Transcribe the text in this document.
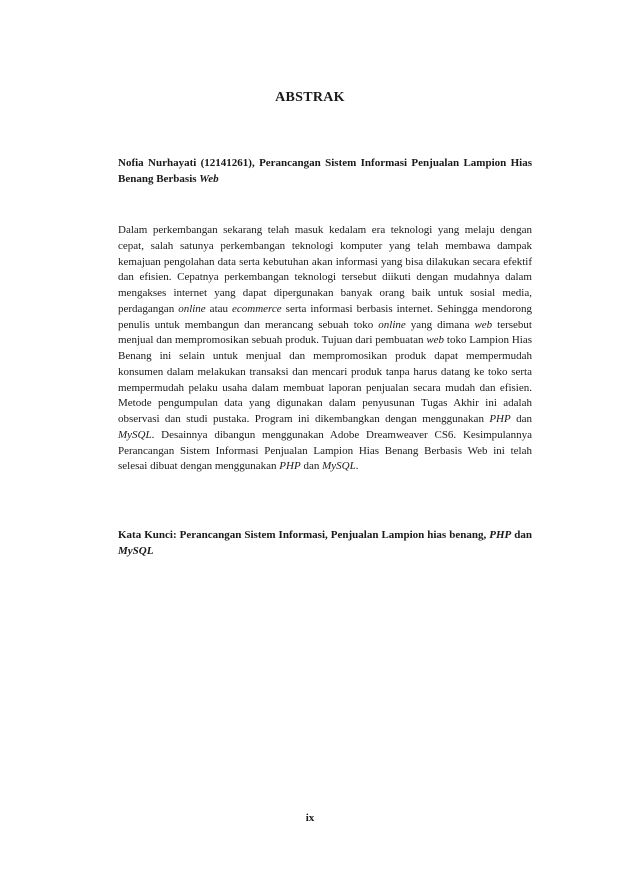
ABSTRAK
Nofia Nurhayati (12141261), Perancangan Sistem Informasi Penjualan Lampion Hias Benang Berbasis Web
Dalam perkembangan sekarang telah masuk kedalam era teknologi yang melaju dengan cepat, salah satunya perkembangan teknologi komputer yang telah membawa dampak kemajuan pengolahan data serta kebutuhan akan informasi yang bisa dilakukan secara efektif dan efisien. Cepatnya perkembangan teknologi tersebut diikuti dengan mudahnya dalam mengakses internet yang dapat dipergunakan banyak orang baik untuk sosial media, perdagangan online atau ecommerce serta informasi berbasis internet. Sehingga mendorong penulis untuk membangun dan merancang sebuah toko online yang dimana web tersebut menjual dan mempromosikan sebuah produk. Tujuan dari pembuatan web toko Lampion Hias Benang ini selain untuk menjual dan mempromosikan produk dapat mempermudah konsumen dalam melakukan transaksi dan mencari produk tanpa harus datang ke toko serta mempermudah pelaku usaha dalam membuat laporan penjualan secara mudah dan efisien. Metode pengumpulan data yang digunakan dalam penyusunan Tugas Akhir ini adalah observasi dan studi pustaka. Program ini dikembangkan dengan menggunakan PHP dan MySQL. Desainnya dibangun menggunakan Adobe Dreamweaver CS6. Kesimpulannya Perancangan Sistem Informasi Penjualan Lampion Hias Benang Berbasis Web ini telah selesai dibuat dengan menggunakan PHP dan MySQL.
Kata Kunci: Perancangan Sistem Informasi, Penjualan Lampion hias benang, PHP dan MySQL
ix
